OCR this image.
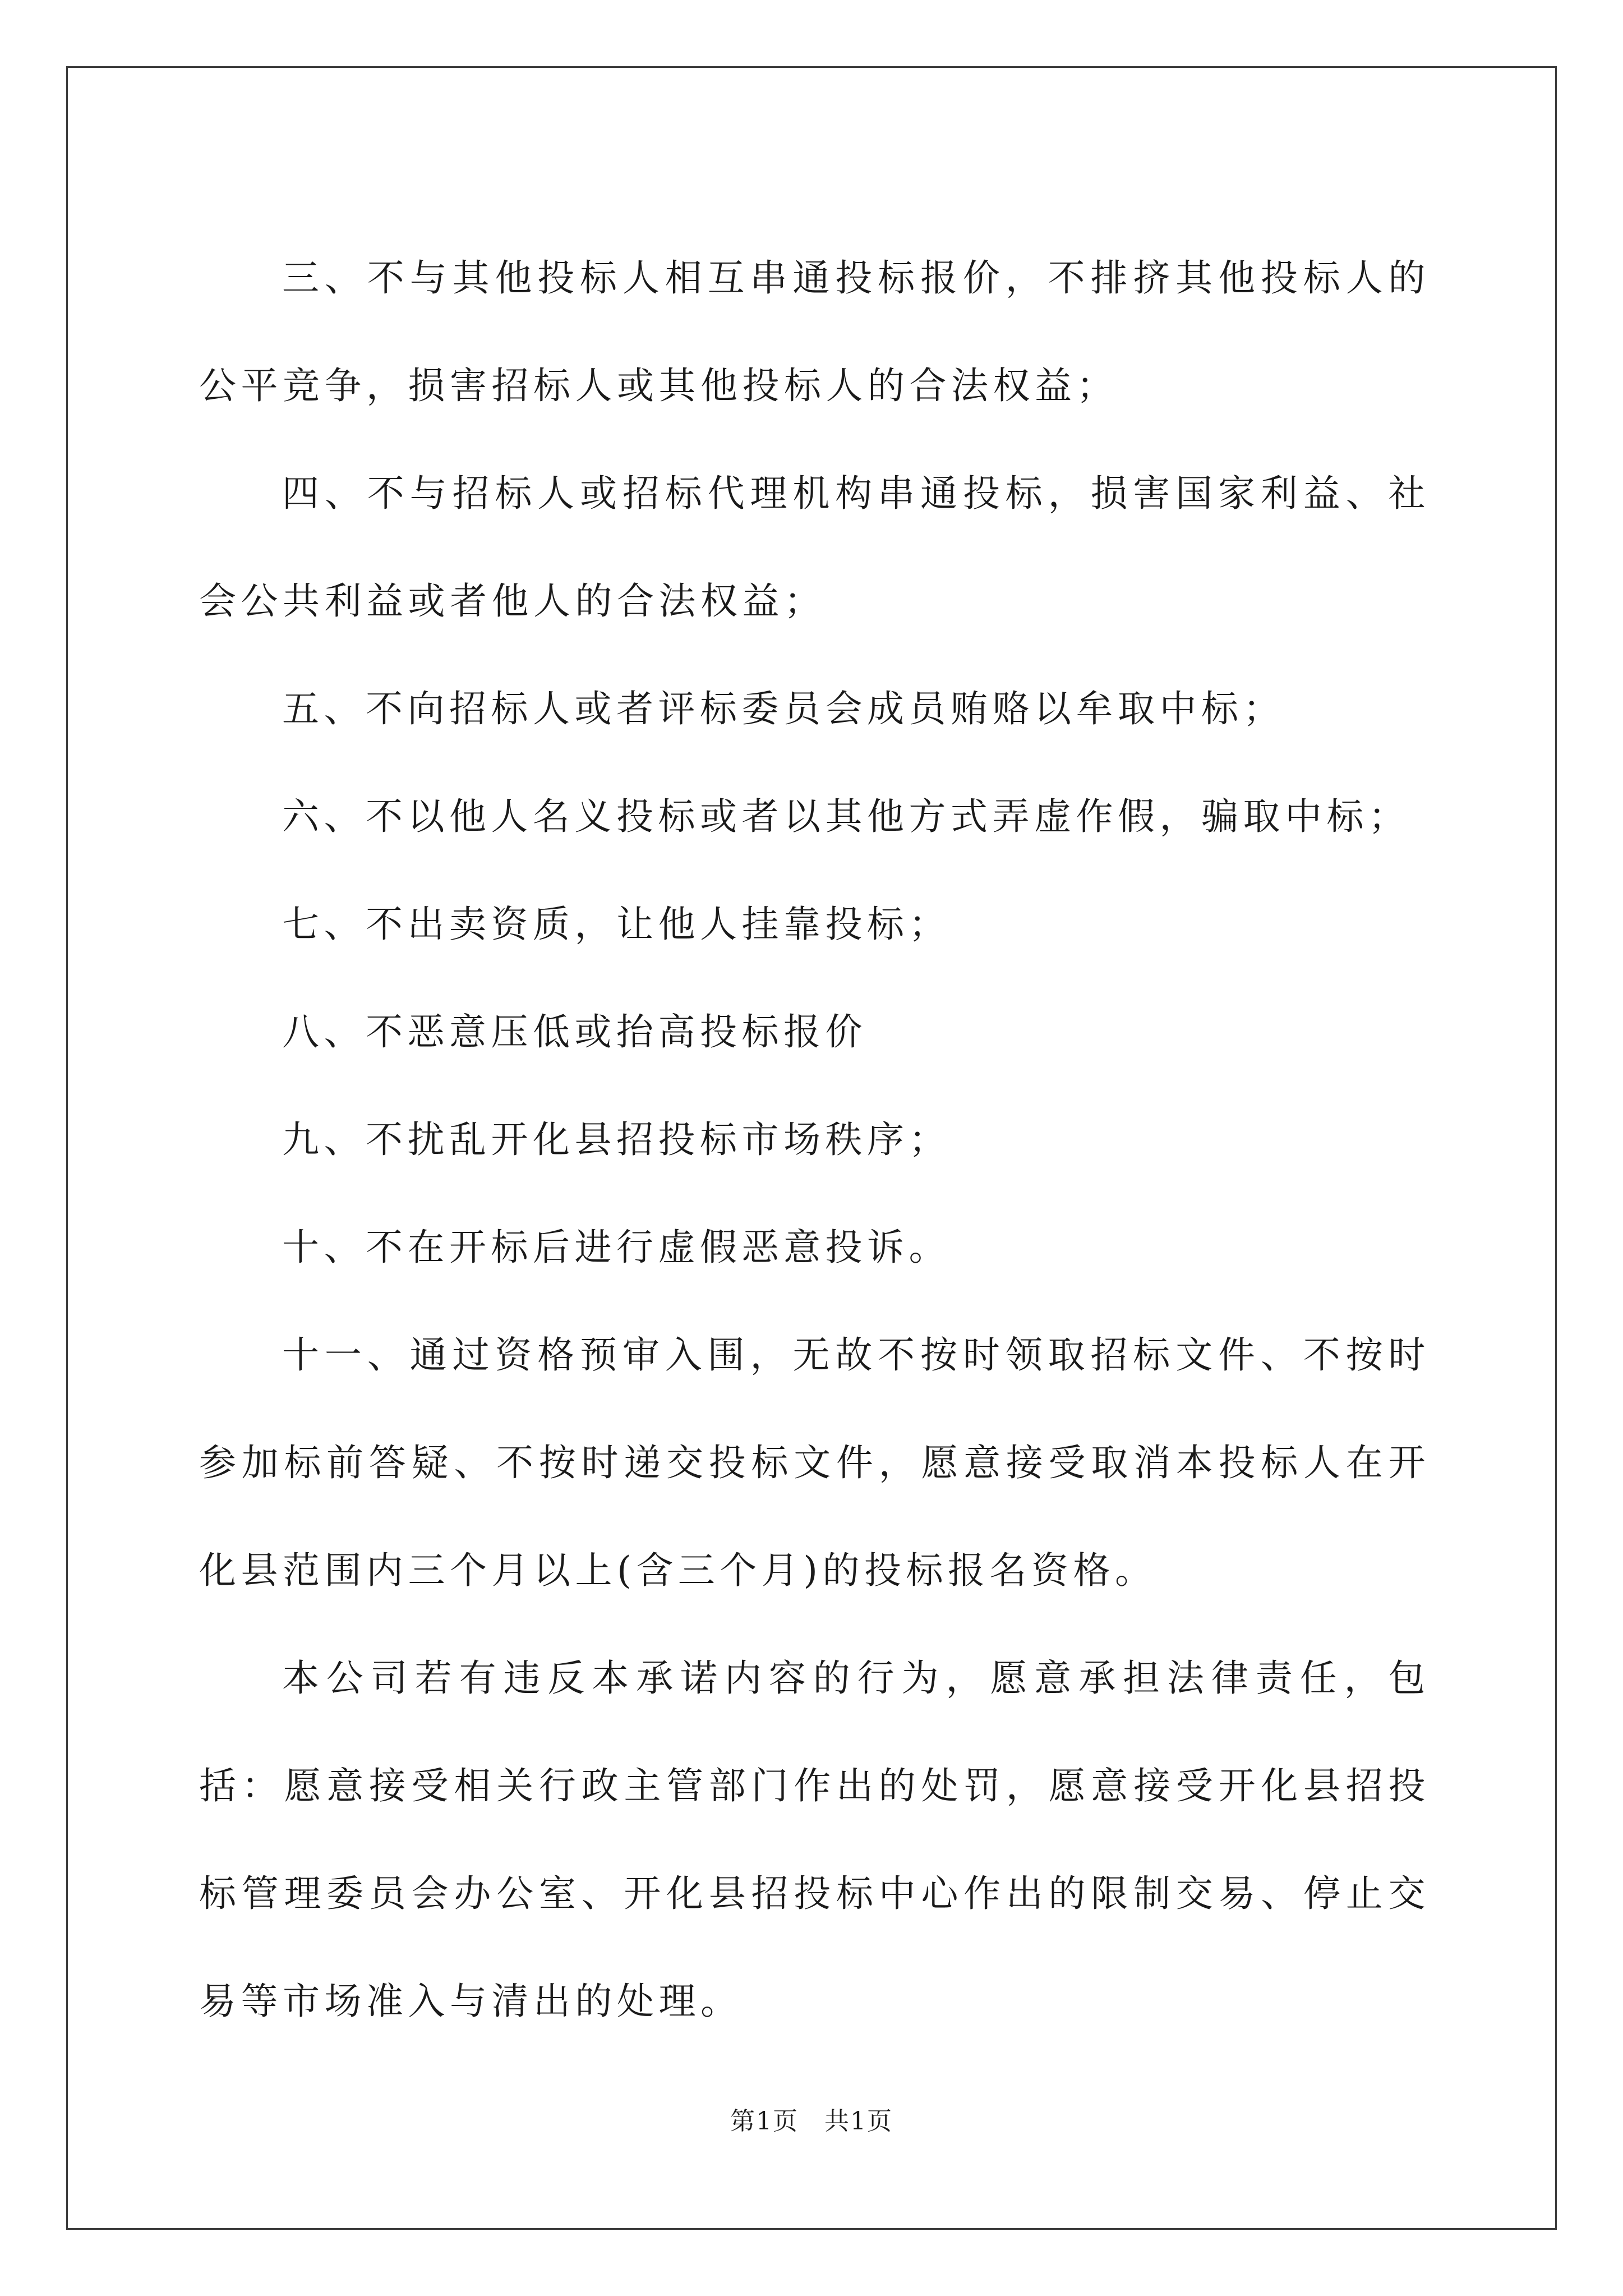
三、不与其他投标人相互串通投标报价，不排挤其他投标人的公平竞争，损害招标人或其他投标人的合法权益；

四、不与招标人或招标代理机构串通投标，损害国家利益、社会公共利益或者他人的合法权益；

五、不向招标人或者评标委员会成员贿赂以牟取中标；

六、不以他人名义投标或者以其他方式弄虚作假，骗取中标；

七、不出卖资质，让他人挂靠投标；

八、不恶意压低或抬高投标报价

九、不扰乱开化县招投标市场秩序；

十、不在开标后进行虚假恶意投诉。

十一、通过资格预审入围，无故不按时领取招标文件、不按时参加标前答疑、不按时递交投标文件，愿意接受取消本投标人在开化县范围内三个月以上(含三个月)的投标报名资格。

本公司若有违反本承诺内容的行为，愿意承担法律责任，包括：愿意接受相关行政主管部门作出的处罚，愿意接受开化县招投标管理委员会办公室、开化县招投标中心作出的限制交易、停止交易等市场准入与清出的处理。

第1页　共1页
